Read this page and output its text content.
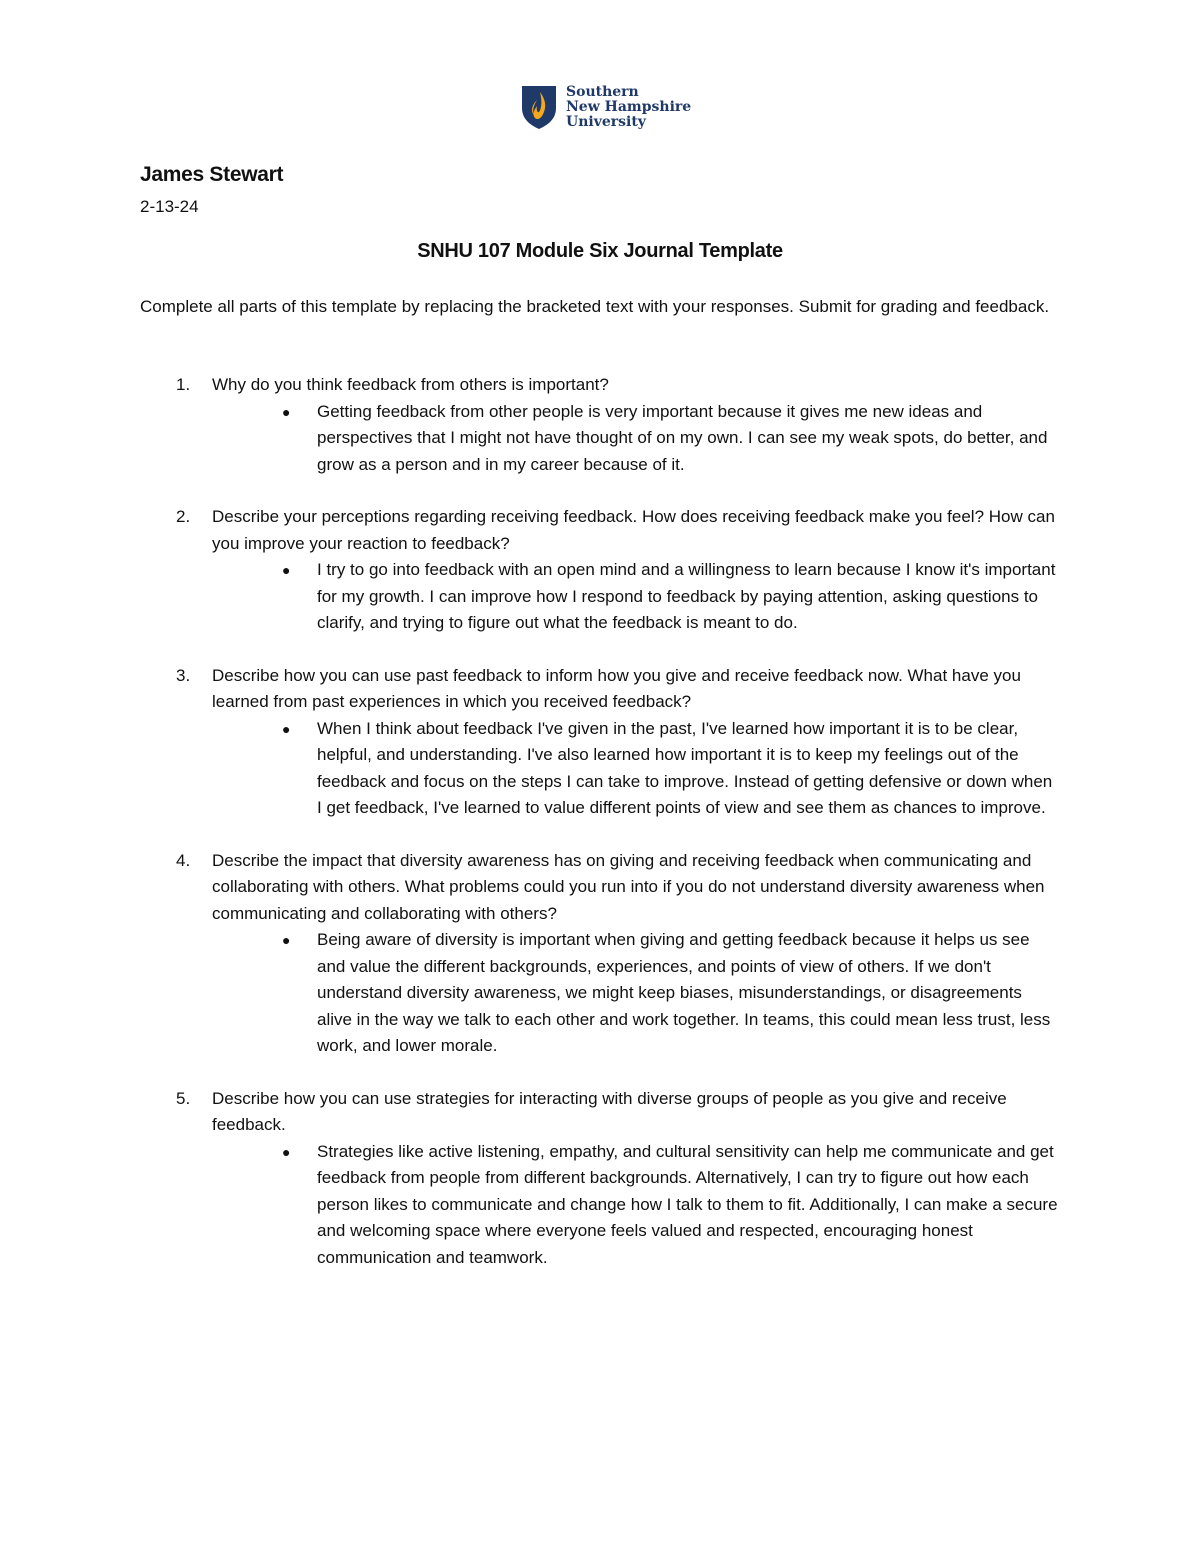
Southern
New Hampshire
University
James Stewart
2-13-24
SNHU 107 Module Six Journal Template

Complete all parts of this template by replacing the bracketed text with your responses. Submit for grading and feedback.

1. Why do you think feedback from others is important?
●	Getting feedback from other people is very important because it gives me new ideas and perspectives that I might not have thought of on my own. I can see my weak spots, do better, and grow as a person and in my career because of it.
2. Describe your perceptions regarding receiving feedback. How does receiving feedback make you feel? How can you improve your reaction to feedback?
●	I try to go into feedback with an open mind and a willingness to learn because I know it's important for my growth. I can improve how I respond to feedback by paying attention, asking questions to clarify, and trying to figure out what the feedback is meant to do.
3. Describe how you can use past feedback to inform how you give and receive feedback now. What have you learned from past experiences in which you received feedback?
●	When I think about feedback I've given in the past, I've learned how important it is to be clear, helpful, and understanding. I've also learned how important it is to keep my feelings out of the feedback and focus on the steps I can take to improve. Instead of getting defensive or down when I get feedback, I've learned to value different points of view and see them as chances to improve.
4. Describe the impact that diversity awareness has on giving and receiving feedback when communicating and collaborating with others. What problems could you run into if you do not understand diversity awareness when communicating and collaborating with others?
●	Being aware of diversity is important when giving and getting feedback because it helps us see and value the different backgrounds, experiences, and points of view of others. If we don't understand diversity awareness, we might keep biases, misunderstandings, or disagreements alive in the way we talk to each other and work together. In teams, this could mean less trust, less work, and lower morale.
5. Describe how you can use strategies for interacting with diverse groups of people as you give and receive feedback.
●	Strategies like active listening, empathy, and cultural sensitivity can help me communicate and get feedback from people from different backgrounds. Alternatively, I can try to figure out how each person likes to communicate and change how I talk to them to fit. Additionally, I can make a secure and welcoming space where everyone feels valued and respected, encouraging honest communication and teamwork.
